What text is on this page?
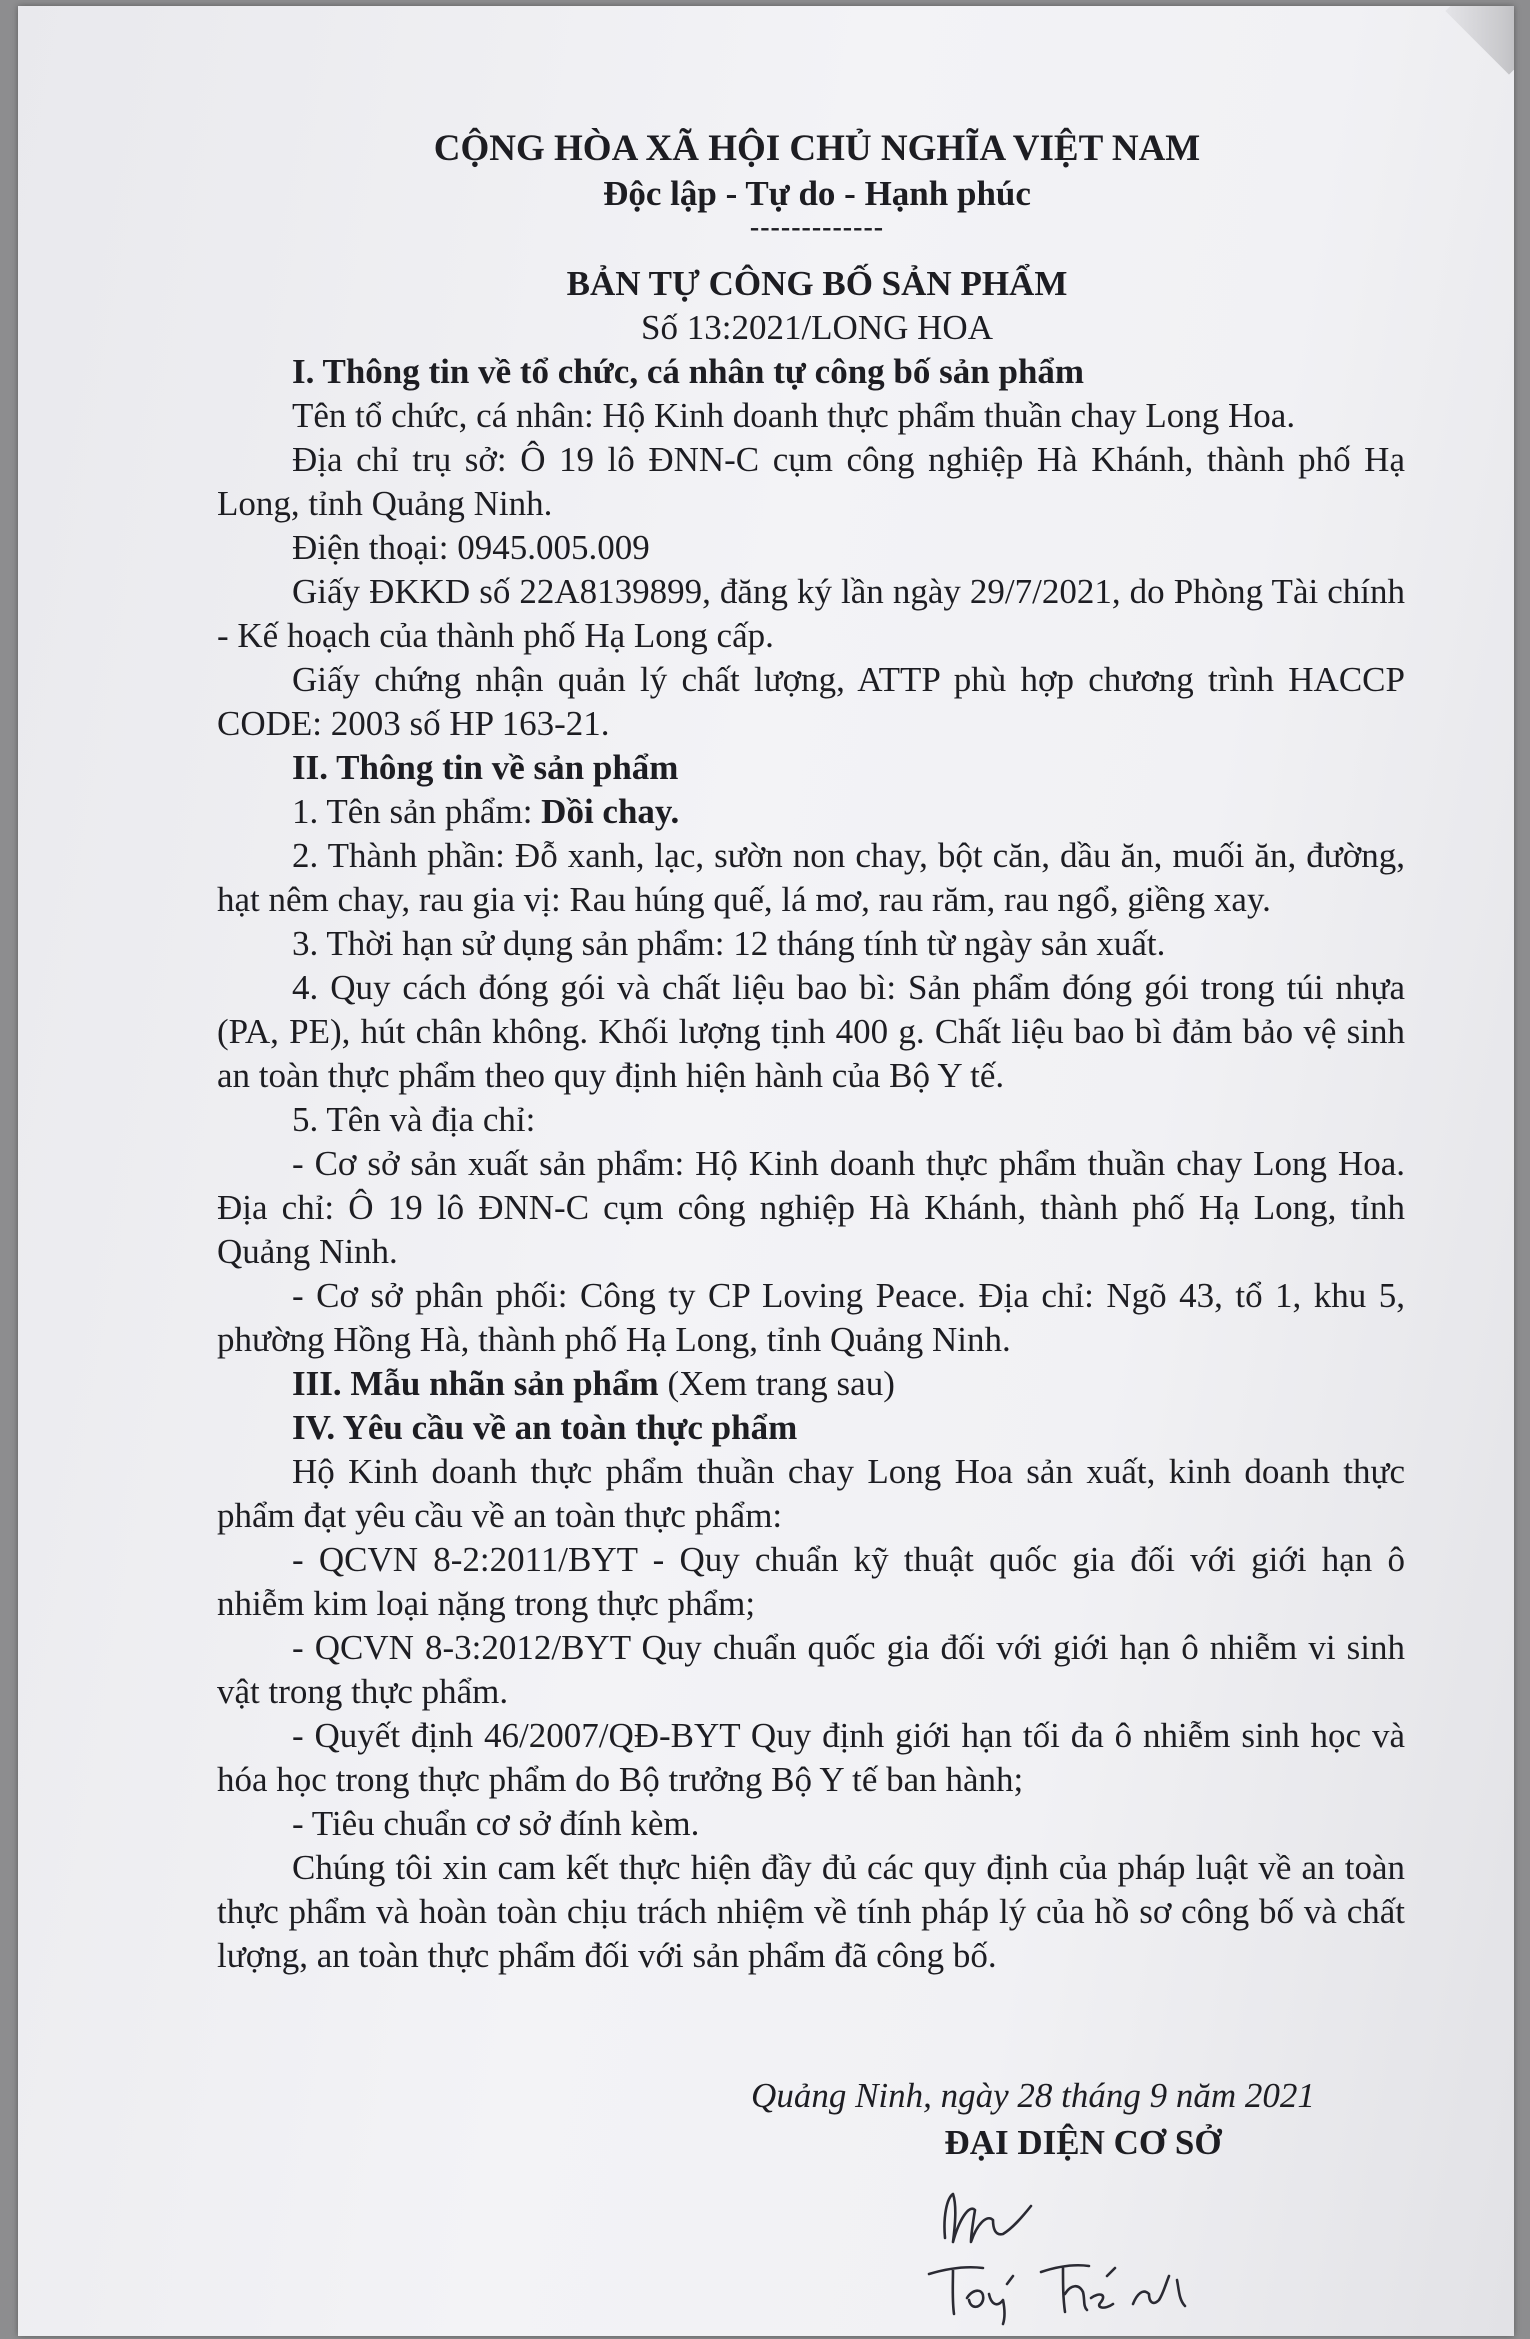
CỘNG HÒA XÃ HỘI CHỦ NGHĨA VIỆT NAM
Độc lập - Tự do - Hạnh phúc
-------------
BẢN TỰ CÔNG BỐ SẢN PHẨM
Số 13:2021/LONG HOA
I. Thông tin về tổ chức, cá nhân tự công bố sản phẩm

Tên tổ chức, cá nhân: Hộ Kinh doanh thực phẩm thuần chay Long Hoa.

Địa chỉ trụ sở: Ô 19 lô ĐNN-C cụm công nghiệp Hà Khánh, thành phố Hạ Long, tỉnh Quảng Ninh.

Điện thoại: 0945.005.009

Giấy ĐKKD số 22A8139899, đăng ký lần ngày 29/7/2021, do Phòng Tài chính - Kế hoạch của thành phố Hạ Long cấp.

Giấy chứng nhận quản lý chất lượng, ATTP phù hợp chương trình HACCP CODE: 2003 số HP 163-21.

II. Thông tin về sản phẩm

1. Tên sản phẩm: Dồi chay.

2. Thành phần: Đỗ xanh, lạc, sườn non chay, bột căn, dầu ăn, muối ăn, đường, hạt nêm chay, rau gia vị: Rau húng quế, lá mơ, rau răm, rau ngổ, giềng xay.

3. Thời hạn sử dụng sản phẩm: 12 tháng tính từ ngày sản xuất.

4. Quy cách đóng gói và chất liệu bao bì: Sản phẩm đóng gói trong túi nhựa (PA, PE), hút chân không. Khối lượng tịnh 400 g. Chất liệu bao bì đảm bảo vệ sinh an toàn thực phẩm theo quy định hiện hành của Bộ Y tế.

5. Tên và địa chỉ:

- Cơ sở sản xuất sản phẩm: Hộ Kinh doanh thực phẩm thuần chay Long Hoa. Địa chỉ: Ô 19 lô ĐNN-C cụm công nghiệp Hà Khánh, thành phố Hạ Long, tỉnh Quảng Ninh.

- Cơ sở phân phối: Công ty CP Loving Peace. Địa chỉ: Ngõ 43, tổ 1, khu 5, phường Hồng Hà, thành phố Hạ Long, tỉnh Quảng Ninh.

III. Mẫu nhãn sản phẩm (Xem trang sau)
IV. Yêu cầu về an toàn thực phẩm

Hộ Kinh doanh thực phẩm thuần chay Long Hoa sản xuất, kinh doanh thực phẩm đạt yêu cầu về an toàn thực phẩm:

- QCVN 8-2:2011/BYT - Quy chuẩn kỹ thuật quốc gia đối với giới hạn ô nhiễm kim loại nặng trong thực phẩm;

- QCVN 8-3:2012/BYT Quy chuẩn quốc gia đối với giới hạn ô nhiễm vi sinh vật trong thực phẩm.

- Quyết định 46/2007/QĐ-BYT Quy định giới hạn tối đa ô nhiễm sinh học và hóa học trong thực phẩm do Bộ trưởng Bộ Y tế ban hành;

- Tiêu chuẩn cơ sở đính kèm.

Chúng tôi xin cam kết thực hiện đầy đủ các quy định của pháp luật về an toàn thực phẩm và hoàn toàn chịu trách nhiệm về tính pháp lý của hồ sơ công bố và chất lượng, an toàn thực phẩm đối với sản phẩm đã công bố.

Quảng Ninh, ngày 28 tháng 9 năm 2021
ĐẠI DIỆN CƠ SỞ
